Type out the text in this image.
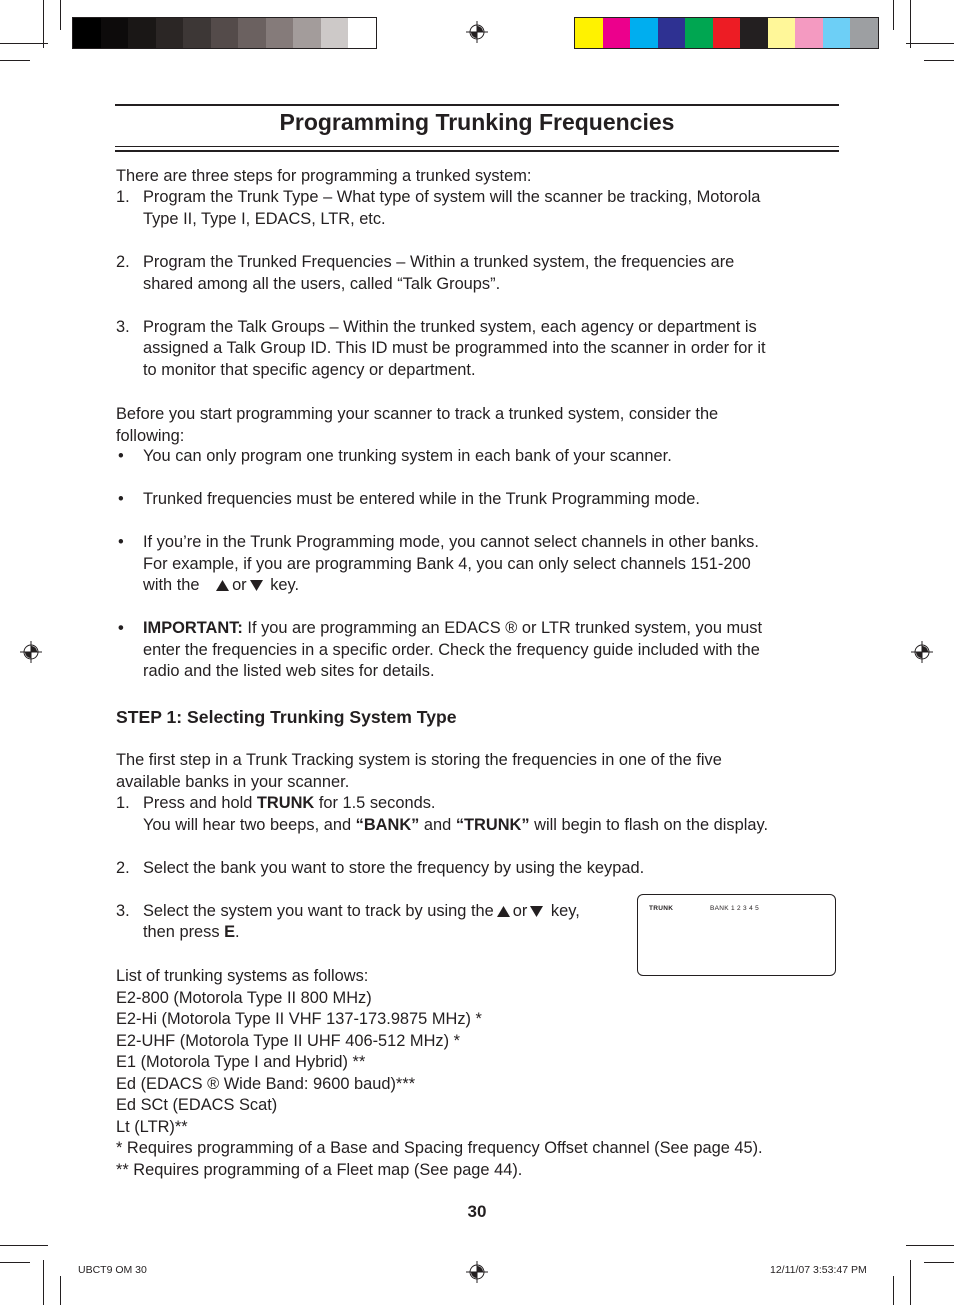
Programming Trunking Frequencies
There are three steps for programming a trunked system:
1. Program the Trunk Type – What type of system will the scanner be tracking, Motorola
Type II, Type I, EDACS, LTR, etc.
2. Program the Trunked Frequencies – Within a trunked system, the frequencies are
shared among all the users, called “Talk Groups”.
3. Program the Talk Groups – Within the trunked system, each agency or department is
assigned a Talk Group ID. This ID must be programmed into the scanner in order for it
to monitor that specific agency or department.
Before you start programming your scanner to track a trunked system, consider the
following:
• You can only program one trunking system in each bank of your scanner.
• Trunked frequencies must be entered while in the Trunk Programming mode.
• If you’re in the Trunk Programming mode, you cannot select channels in other banks.
For example, if you are programming Bank 4, you can only select channels 151-200
with the or key.
• IMPORTANT: If you are programming an EDACS ® or LTR trunked system, you must
enter the frequencies in a specific order. Check the frequency guide included with the
radio and the listed web sites for details.
STEP 1: Selecting Trunking System Type
The first step in a Trunk Tracking system is storing the frequencies in one of the five
available banks in your scanner.
1. Press and hold TRUNK for 1.5 seconds.
You will hear two beeps, and “BANK” and “TRUNK” will begin to flash on the display.
2. Select the bank you want to store the frequency by using the keypad.
3. Select the system you want to track by using the or key,
then press E.
TRUNK	BANK 1 2 3 4 5
List of trunking systems as follows:
E2-800 (Motorola Type II 800 MHz)
E2-Hi (Motorola Type II VHF 137-173.9875 MHz) *
E2-UHF (Motorola Type II UHF 406-512 MHz) *
E1 (Motorola Type I and Hybrid) **
Ed (EDACS ® Wide Band: 9600 baud)***
Ed SCt (EDACS Scat)
Lt (LTR)**
* Requires programming of a Base and Spacing frequency Offset channel (See page 45).
** Requires programming of a Fleet map (See page 44).
30
UBCT9 OM 30	12/11/07 3:53:47 PM
